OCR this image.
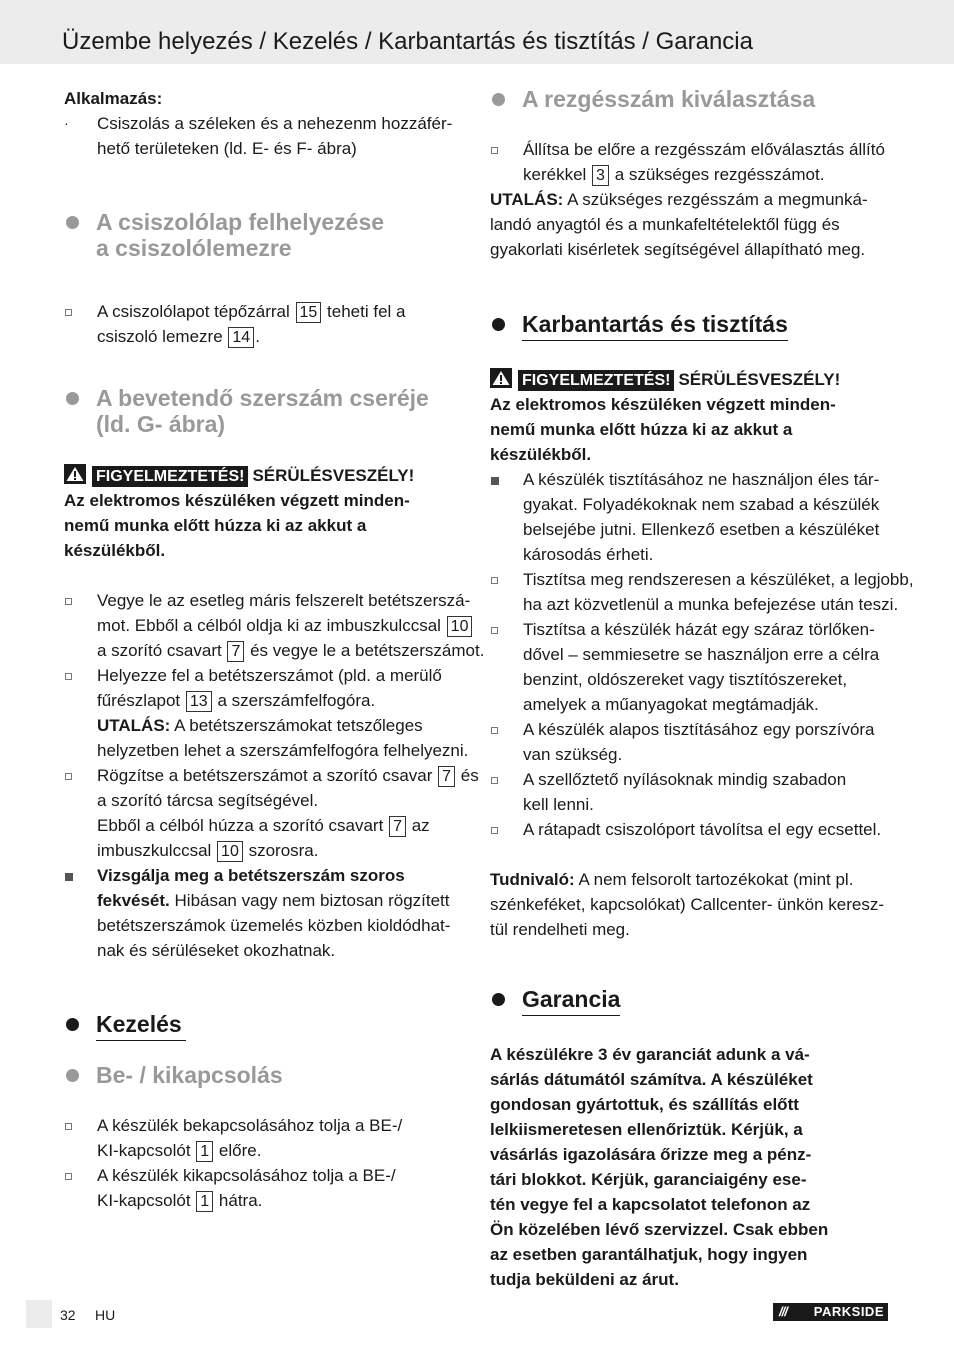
Üzembe helyezés / Kezelés / Karbantartás és tisztítás / Garancia
Alkalmazás:
· Csiszolás a széleken és a nehezenm hozzáfér-
hető területeken (ld. E- és F- ábra)
A csiszolólap felhelyezése
a csiszolólemezre
A csiszolólapot tépőzárral 15 teheti fel a
csiszoló lemezre 14 .
A bevetendő szerszám cseréje
(ld. G- ábra)
FIGYELMEZTETÉS! SÉRÜLÉSVESZÉLY!
Az elektromos készüléken végzett minden-
nemű munka előtt húzza ki az akkut a
készülékből.
Vegye le az esetleg máris felszerelt betétszerszá-
mot. Ebből a célból oldja ki az imbuszkulccsal 10
a szorító csavart 7 és vegye le a betétszerszámot.
Helyezze fel a betétszerszámot (pld. a merülő
fűrészlapot 13 a szerszámfelfogóra.
UTALÁS: A betétszerszámokat tetszőleges
helyzetben lehet a szerszámfelfogóra felhelyezni.
Rögzítse a betétszerszámot a szorító csavar 7 és
a szorító tárcsa segítségével.
Ebből a célból húzza a szorító csavart 7 az
imbuszkulccsal 10 szorosra.
Vizsgálja meg a betétszerszám szoros
fekvését. Hibásan vagy nem biztosan rögzített
betétszerszámok üzemelés közben kioldódhat-
nak és sérüléseket okozhatnak.
Kezelés
Be- / kikapcsolás
A készülék bekapcsolásához tolja a BE-/
KI-kapcsolót 1 előre.
A készülék kikapcsolásához tolja a BE-/
KI-kapcsolót 1 hátra.
A rezgésszám kiválasztása
Állítsa be előre a rezgésszám előválasztás állító
kerékkel 3 a szükséges rezgésszámot.
UTALÁS: A szükséges rezgésszám a megmunká-
landó anyagtól és a munkafeltételektől függ és
gyakorlati kisérletek segítségével állapítható meg.
Karbantartás és tisztítás
FIGYELMEZTETÉS! SÉRÜLÉSVESZÉLY!
Az elektromos készüléken végzett minden-
nemű munka előtt húzza ki az akkut a
készülékből.
A készülék tisztításához ne használjon éles tár-
gyakat. Folyadékoknak nem szabad a készülék
belsejébe jutni. Ellenkező esetben a készüléket
károsodás érheti.
Tisztítsa meg rendszeresen a készüléket, a legjobb,
ha azt közvetlenül a munka befejezése után teszi.
Tisztítsa a készülék házát egy száraz törlőken-
dővel – semmiesetre se használjon erre a célra
benzint, oldószereket vagy tisztítószereket,
amelyek a műanyagokat megtámadják.
A készülék alapos tisztításához egy porszívóra
van szükség.
A szellőztető nyílásoknak mindig szabadon
kell lenni.
A rátapadt csiszolóport távolítsa el egy ecsettel.
Tudnivaló: A nem felsorolt tartozékokat (mint pl.
szénkeféket, kapcsolókat) Callcenter- ünkön keresz-
tül rendelheti meg.
Garancia
A készülékre 3 év garanciát adunk a vá-
sárlás dátumától számítva. A készüléket
gondosan gyártottuk, és szállítás előtt
lelkiismeretesen ellenőriztük. Kérjük, a
vásárlás igazolására őrizze meg a pénz-
tári blokkot. Kérjük, garanciaigény ese-
tén vegye fel a kapcsolatot telefonon az
Ön közelében lévő szervizzel. Csak ebben
az esetben garantálhatjuk, hogy ingyen
tudja beküldeni az árut.
32 HU	/// PARKSIDE
